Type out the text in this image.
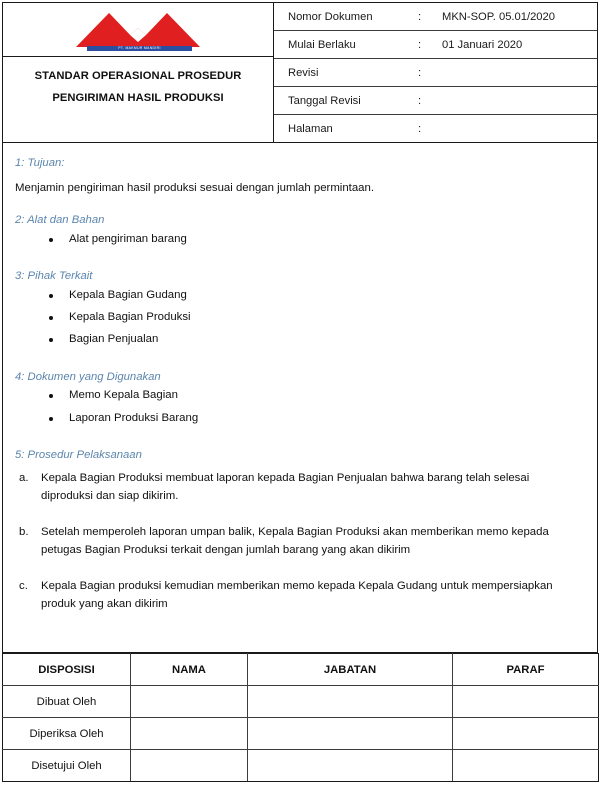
PT. MAKMUR MANDIRI
STANDAR OPERASIONAL PROSEDUR
PENGIRIMAN HASIL PRODUKSI
Nomor Dokumen	:	MKN-SOP. 05.01/2020
Mulai Berlaku	:	01 Januari 2020
Revisi	:
Tanggal Revisi	:
Halaman	:
1: Tujuan:

Menjamin pengiriman hasil produksi sesuai dengan jumlah permintaan.

2: Alat dan Bahan
Alat pengiriman barang
3: Pihak Terkait
Kepala Bagian Gudang
Kepala Bagian Produksi
Bagian Penjualan
4: Dokumen yang Digunakan
Memo Kepala Bagian
Laporan Produksi Barang
5: Prosedur Pelaksanaan
a.	Kepala Bagian Produksi membuat laporan kepada Bagian Penjualan bahwa barang telah selesai diproduksi dan siap dikirim.
b.	Setelah memperoleh laporan umpan balik, Kepala Bagian Produksi akan memberikan memo kepada petugas Bagian Produksi terkait dengan jumlah barang yang akan dikirim
c.	Kepala Bagian produksi kemudian memberikan memo kepada Kepala Gudang untuk mempersiapkan produk yang akan dikirim
DISPOSISI	NAMA	JABATAN	PARAF
Dibuat Oleh			
Diperiksa Oleh			
Disetujui Oleh			
